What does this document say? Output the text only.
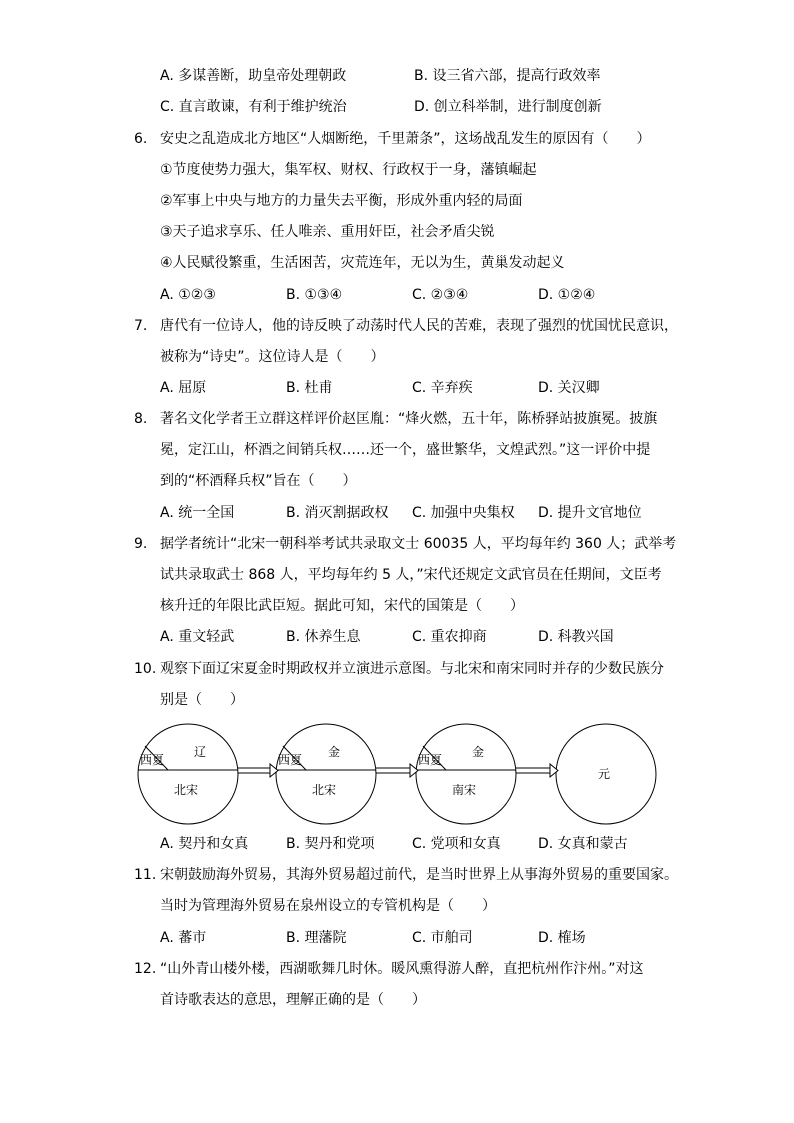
A. 多谋善断，助皇帝处理朝政	B. 设三省六部，提高行政效率
C. 直言敢谏，有利于维护统治	D. 创立科举制，进行制度创新
6. 安史之乱造成北方地区“人烟断绝，千里萧条”，这场战乱发生的原因有（　　）
①节度使势力强大，集军权、财权、行政权于一身，藩镇崛起
②军事上中央与地方的力量失去平衡，形成外重内轻的局面
③天子追求享乐、任人唯亲、重用奸臣，社会矛盾尖锐
④人民赋役繁重，生活困苦，灾荒连年，无以为生，黄巢发动起义
A. ①②③	B. ①③④	C. ②③④	D. ①②④
7. 唐代有一位诗人，他的诗反映了动荡时代人民的苦难，表现了强烈的忧国忧民意识，
被称为“诗史”。这位诗人是（　　）
A. 屈原	B. 杜甫	C. 辛弃疾	D. 关汉卿
8. 著名文化学者王立群这样评价赵匡胤：“烽火燃，五十年，陈桥驿站披旗冕。披旗
冕，定江山，杯酒之间销兵权……还一个，盛世繁华，文煌武烈。”这一评价中提
到的“杯酒释兵权”旨在（　　）
A. 统一全国	B. 消灭割据政权 C. 加强中央集权 D. 提升文官地位
9. 据学者统计“北宋一朝科举考试共录取文士 60035 人，平均每年约 360 人；武举考
试共录取武士 868 人，平均每年约 5 人，”宋代还规定文武官员在任期间，文臣考
核升迁的年限比武臣短。据此可知，宋代的国策是（　　）
A. 重文轻武	B. 休养生息	C. 重农抑商	D. 科教兴国
10. 观察下面辽宋夏金时期政权并立演进示意图。与北宋和南宋同时并存的少数民族分
别是（　　）
西夏
辽
北宋
西夏
金
北宋
西夏
金
南宋
元
A. 契丹和女真	B. 契丹和党项	C. 党项和女真	D. 女真和蒙古
11. 宋朝鼓励海外贸易，其海外贸易超过前代，是当时世界上从事海外贸易的重要国家。
当时为管理海外贸易在泉州设立的专管机构是（　　）
A. 蕃市	B. 理藩院	C. 市舶司	D. 榷场
12. “山外青山楼外楼，西湖歌舞几时休。暖风熏得游人醉，直把杭州作汴州。”对这
首诗歌表达的意思，理解正确的是（　　）
